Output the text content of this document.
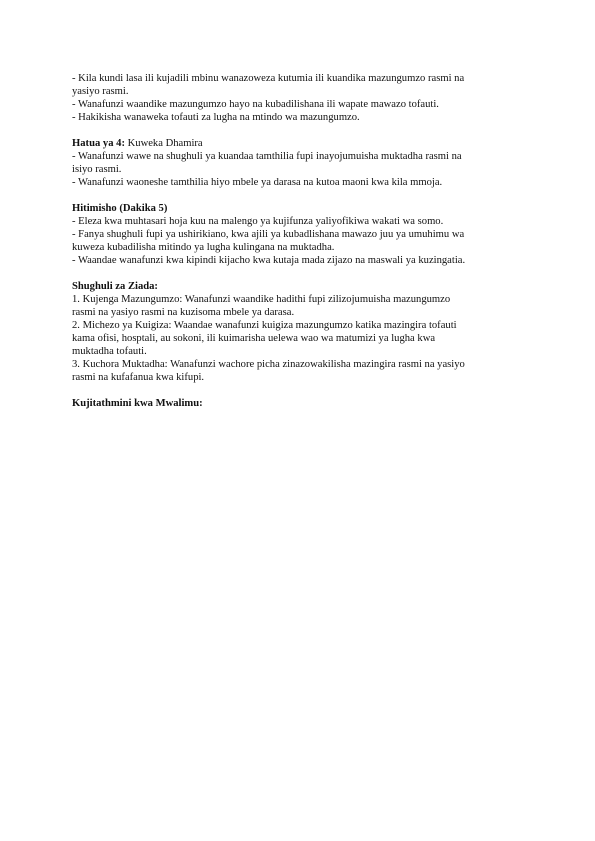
- Kila kundi lasa ili kujadili mbinu wanazoweza kutumia ili kuandika mazungumzo rasmi na
yasiyo rasmi.
- Wanafunzi waandike mazungumzo hayo na kubadilishana ili wapate mawazo tofauti.
- Hakikisha wanaweka tofauti za lugha na mtindo wa mazungumzo.
Hatua ya 4: Kuweka Dhamira
- Wanafunzi wawe na shughuli ya kuandaa tamthilia fupi inayojumuisha muktadha rasmi na
isiyo rasmi.
- Wanafunzi waoneshe tamthilia hiyo mbele ya darasa na kutoa maoni kwa kila mmoja.
Hitimisho (Dakika 5)
- Eleza kwa muhtasari hoja kuu na malengo ya kujifunza yaliyofikiwa wakati wa somo.
- Fanya shughuli fupi ya ushirikiano, kwa ajili ya kubadlishana mawazo juu ya umuhimu wa
kuweza kubadilisha mitindo ya lugha kulingana na muktadha.
- Waandae wanafunzi kwa kipindi kijacho kwa kutaja mada zijazo na maswali ya kuzingatia.
Shughuli za Ziada:
1. Kujenga Mazungumzo: Wanafunzi waandike hadithi fupi zilizojumuisha mazungumzo
rasmi na yasiyo rasmi na kuzisoma mbele ya darasa.
2. Michezo ya Kuigiza: Waandae wanafunzi kuigiza mazungumzo katika mazingira tofauti
kama ofisi, hosptali, au sokoni, ili kuimarisha uelewa wao wa matumizi ya lugha kwa
muktadha tofauti.
3. Kuchora Muktadha: Wanafunzi wachore picha zinazowakilisha mazingira rasmi na yasiyo
rasmi na kufafanua kwa kifupi.
Kujitathmini kwa Mwalimu:
